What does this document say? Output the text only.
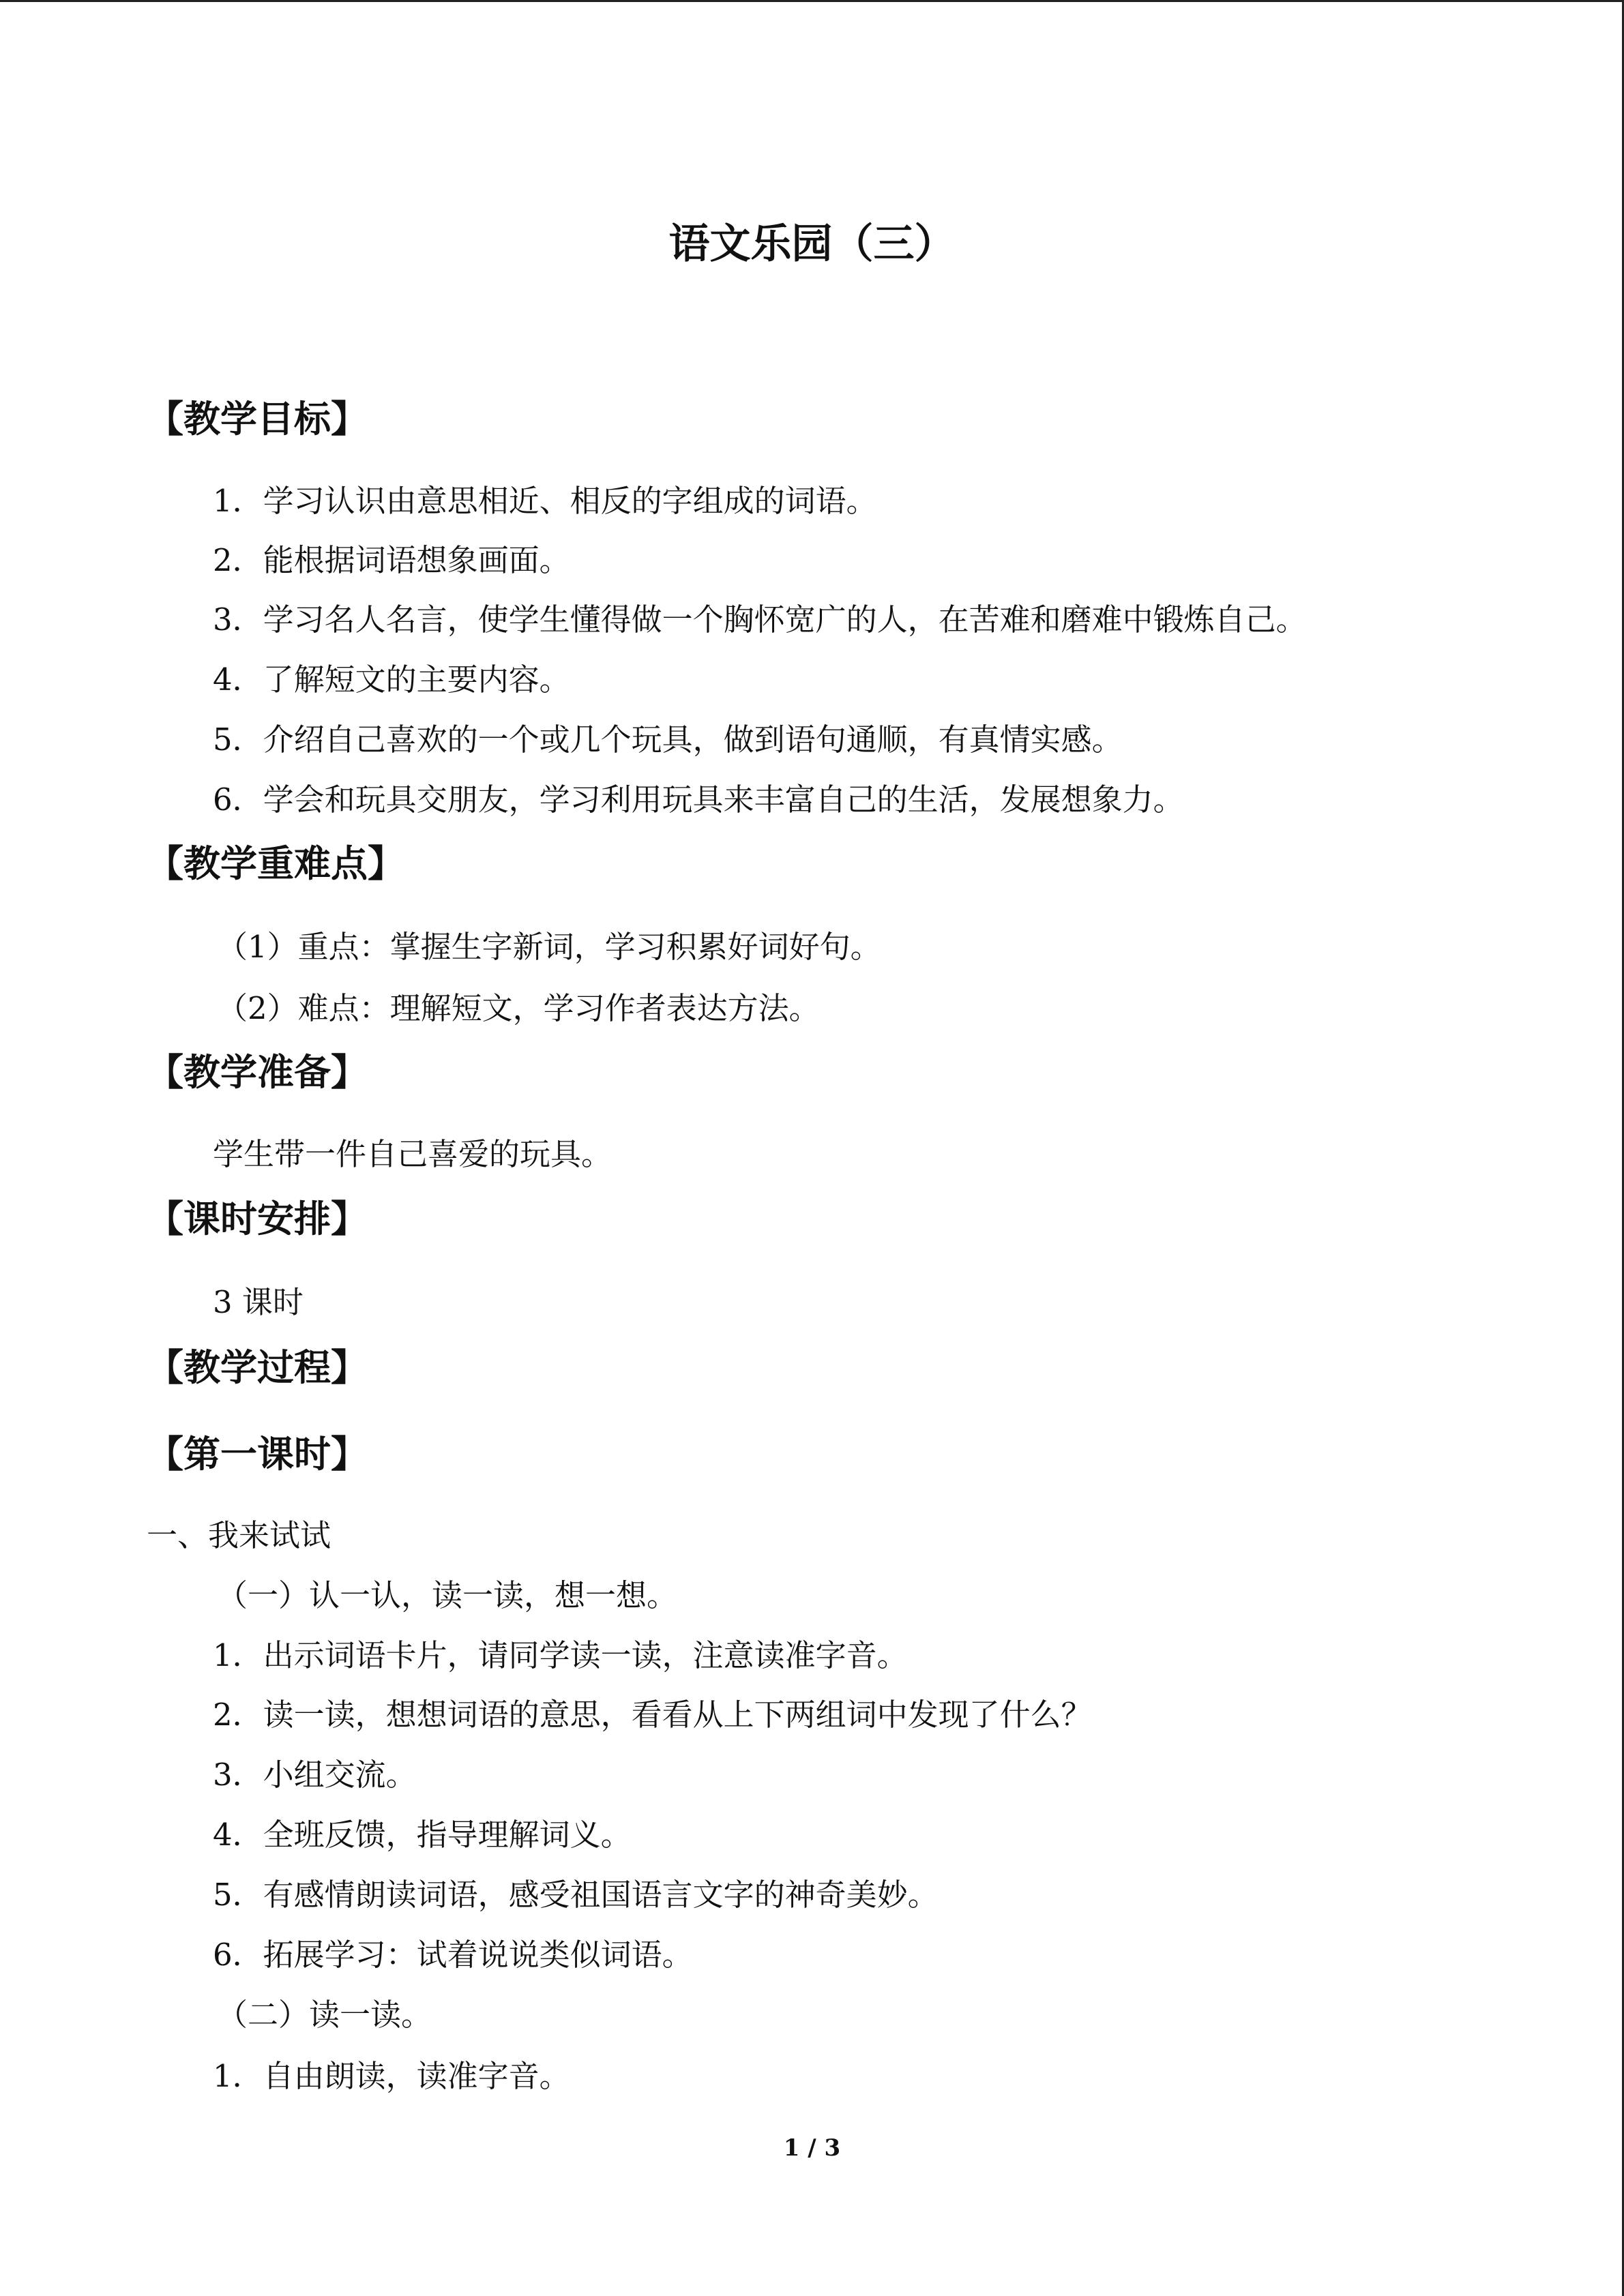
语文乐园（三）
【教学目标】
1．学习认识由意思相近、相反的字组成的词语。
2．能根据词语想象画面。
3．学习名人名言，使学生懂得做一个胸怀宽广的人，在苦难和磨难中锻炼自己。
4．了解短文的主要内容。
5．介绍自己喜欢的一个或几个玩具，做到语句通顺，有真情实感。
6．学会和玩具交朋友，学习利用玩具来丰富自己的生活，发展想象力。
【教学重难点】
（1）重点：掌握生字新词，学习积累好词好句。
（2）难点：理解短文，学习作者表达方法。
【教学准备】
学生带一件自己喜爱的玩具。
【课时安排】
3 课时
【教学过程】
【第一课时】
一、我来试试
（一）认一认，读一读，想一想。
1．出示词语卡片，请同学读一读，注意读准字音。
2．读一读，想想词语的意思，看看从上下两组词中发现了什么？
3．小组交流。
4．全班反馈，指导理解词义。
5．有感情朗读词语，感受祖国语言文字的神奇美妙。
6．拓展学习：试着说说类似词语。
（二）读一读。
1．自由朗读，读准字音。
1 / 3
